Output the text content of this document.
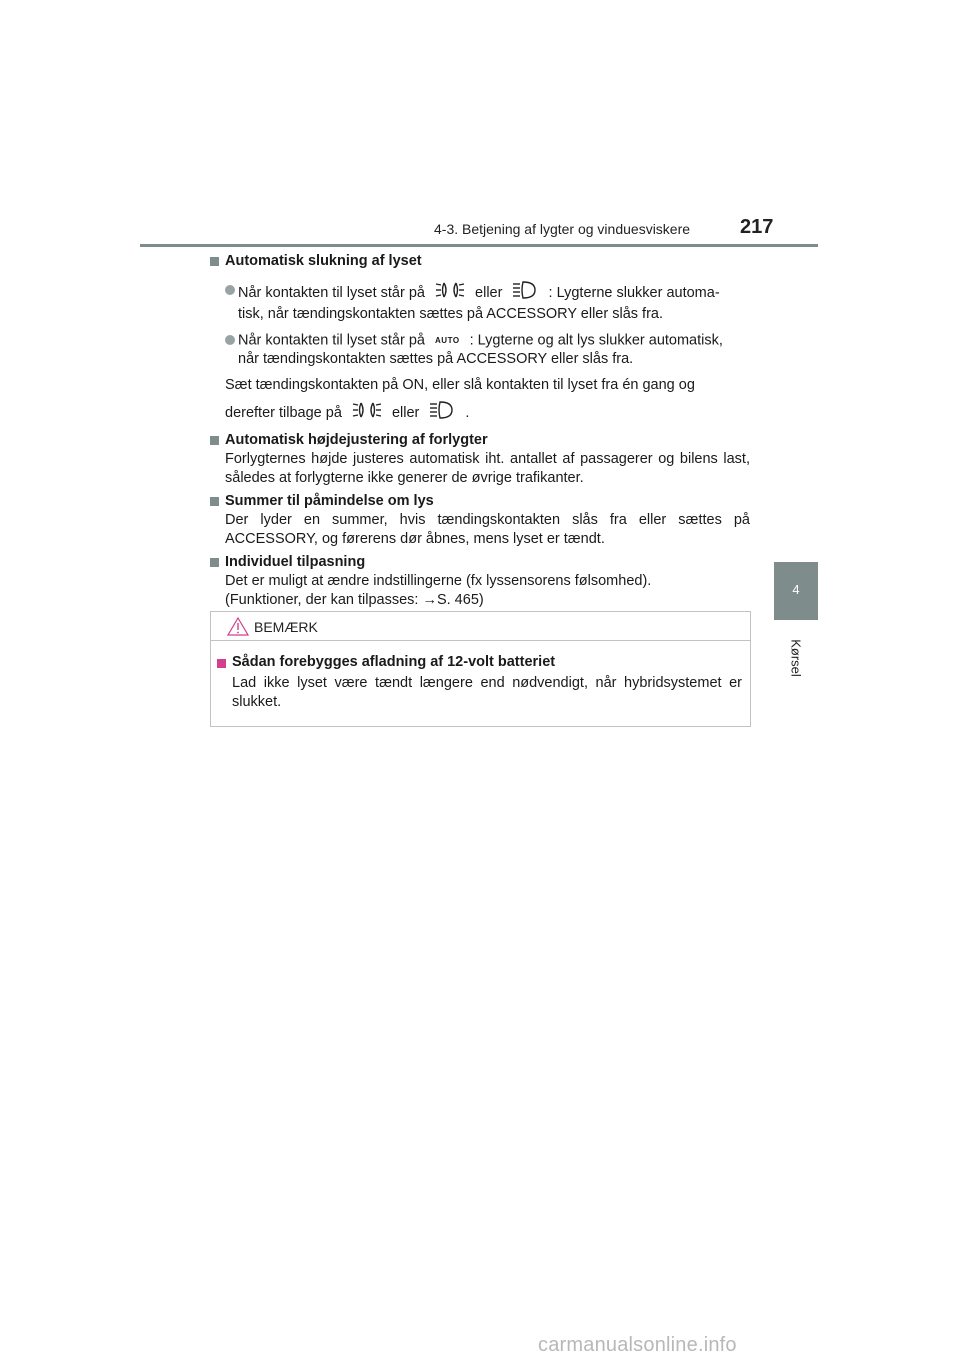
4-3. Betjening af lygter og vinduesviskere 217
4
Kørsel

Automatisk slukning af lyset

Når kontakten til lyset står på	eller	: Lygterne slukker automa-
tisk, når tændingskontakten sættes på ACCESSORY eller slås fra.
Når kontakten til lyset står på AUTO : Lygterne og alt lys slukker automatisk,
når tændingskontakten sættes på ACCESSORY eller slås fra.
Sæt tændingskontakten på ON, eller slå kontakten til lyset fra én gang og

derefter tilbage på	eller	.

Automatisk højdejustering af forlygter

Forlygternes højde justeres automatisk iht. antallet af passagerer og bilens last, således at forlygterne ikke generer de øvrige trafikanter.

Summer til påmindelse om lys

Der lyder en summer, hvis tændingskontakten slås fra eller sættes på ACCESSORY, og førerens dør åbnes, mens lyset er tændt.

Individuel tilpasning

Det er muligt at ændre indstillingerne (fx lyssensorens følsomhed).
(Funktioner, der kan tilpasses: →S. 465)
BEMÆRK

Sådan forebygges afladning af 12-volt batteriet

Lad ikke lyset være tændt længere end nødvendigt, når hybridsystemet er slukket.

carmanualsonline.info
